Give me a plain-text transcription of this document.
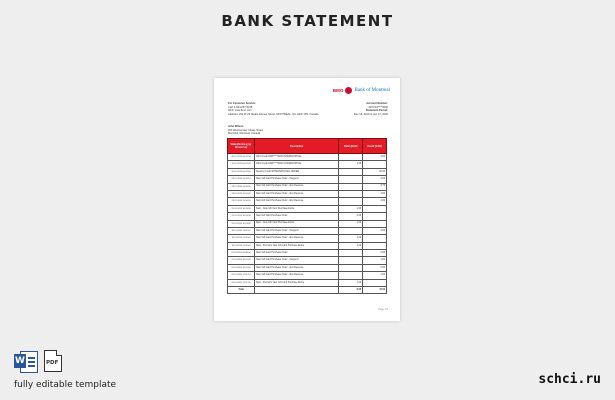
BANK STATEMENT
BMO Bank of Montreal
For Customer Service:
Call: 1-844-837-5478
Web: www.bmo.com
Address: 231 W 29 Nealis Avenue Street, MONTREAL, QC H2W 1P3, Canada
Account Number:
42XXXX****0000
Statement Period:
Dec 18, 2019 to Jan 17, 2020
John Wilson
200 Westminster Street, Road,
Montreal, Montreal, Canada
Date (dd.mm.yyyy hh:mm:ss)	Description	Debit (CAD)	Credit (CAD)
26.12.2019 00:47:00	CRA Credit 4309*****0000 INTERNATIONAL		4.00
26.12.2019 00:47:00	CRA Credit 4309*****0000 INTERNATIONAL	1.00	
26.12.2019 00:47:00	Clearing Credit INTERNATIONAL ORDER		20.00
28.12.2019 11:54:00	Nam Gift Card Purchase Order - Nexgenz		4.00
28.12.2019 11:54:00	Nam Gift Card Purchase Order - Eco Revenue		3.75
28.12.2019 11:54:00	Nam Gift Card Purchase Order - Eco Revenue		1.00
28.12.2019 11:54:00	Nam Gift Card Purchase Order - Eco Revenue		4.00
29.12.2019 10:31:00	Nam - New Gift Card Purchase Entire	1.00	
29.12.2019 10:31:00	Nam Gift Card Purchase Order	2.00	
29.12.2019 10:31:00	Nam - New Gift Card Purchase Entire	1.00	
30.12.2019 11:42:00	Nam Gift Card Purchase Order - Nexgenz		4.00
30.12.2019 11:42:00	Nam Gift Card Purchase Order - Eco Revenue	1.00	
30.12.2019 11:42:00	Nam - Premium New Gift Card Purchase Entire	1.00	
01.01.2020 09:08:00	Nam Gift Card Purchase Order		2.00
03.01.2020 16:22:00	Nam Gift Card Purchase Order - Nexgenz		1.00
03.01.2020 16:22:00	Nam Gift Card Purchase Order - Eco Revenue		2.00
05.01.2020 12:11:00	Nam Gift Card Purchase Order - Eco Revenue		1.00
05.01.2020 12:11:00	Nam - Premium New Gift Card Purchase Entire	1.00	
Total		8.00	47.00
Page 1/1
W	PDF
fully editable template	schci.ru
